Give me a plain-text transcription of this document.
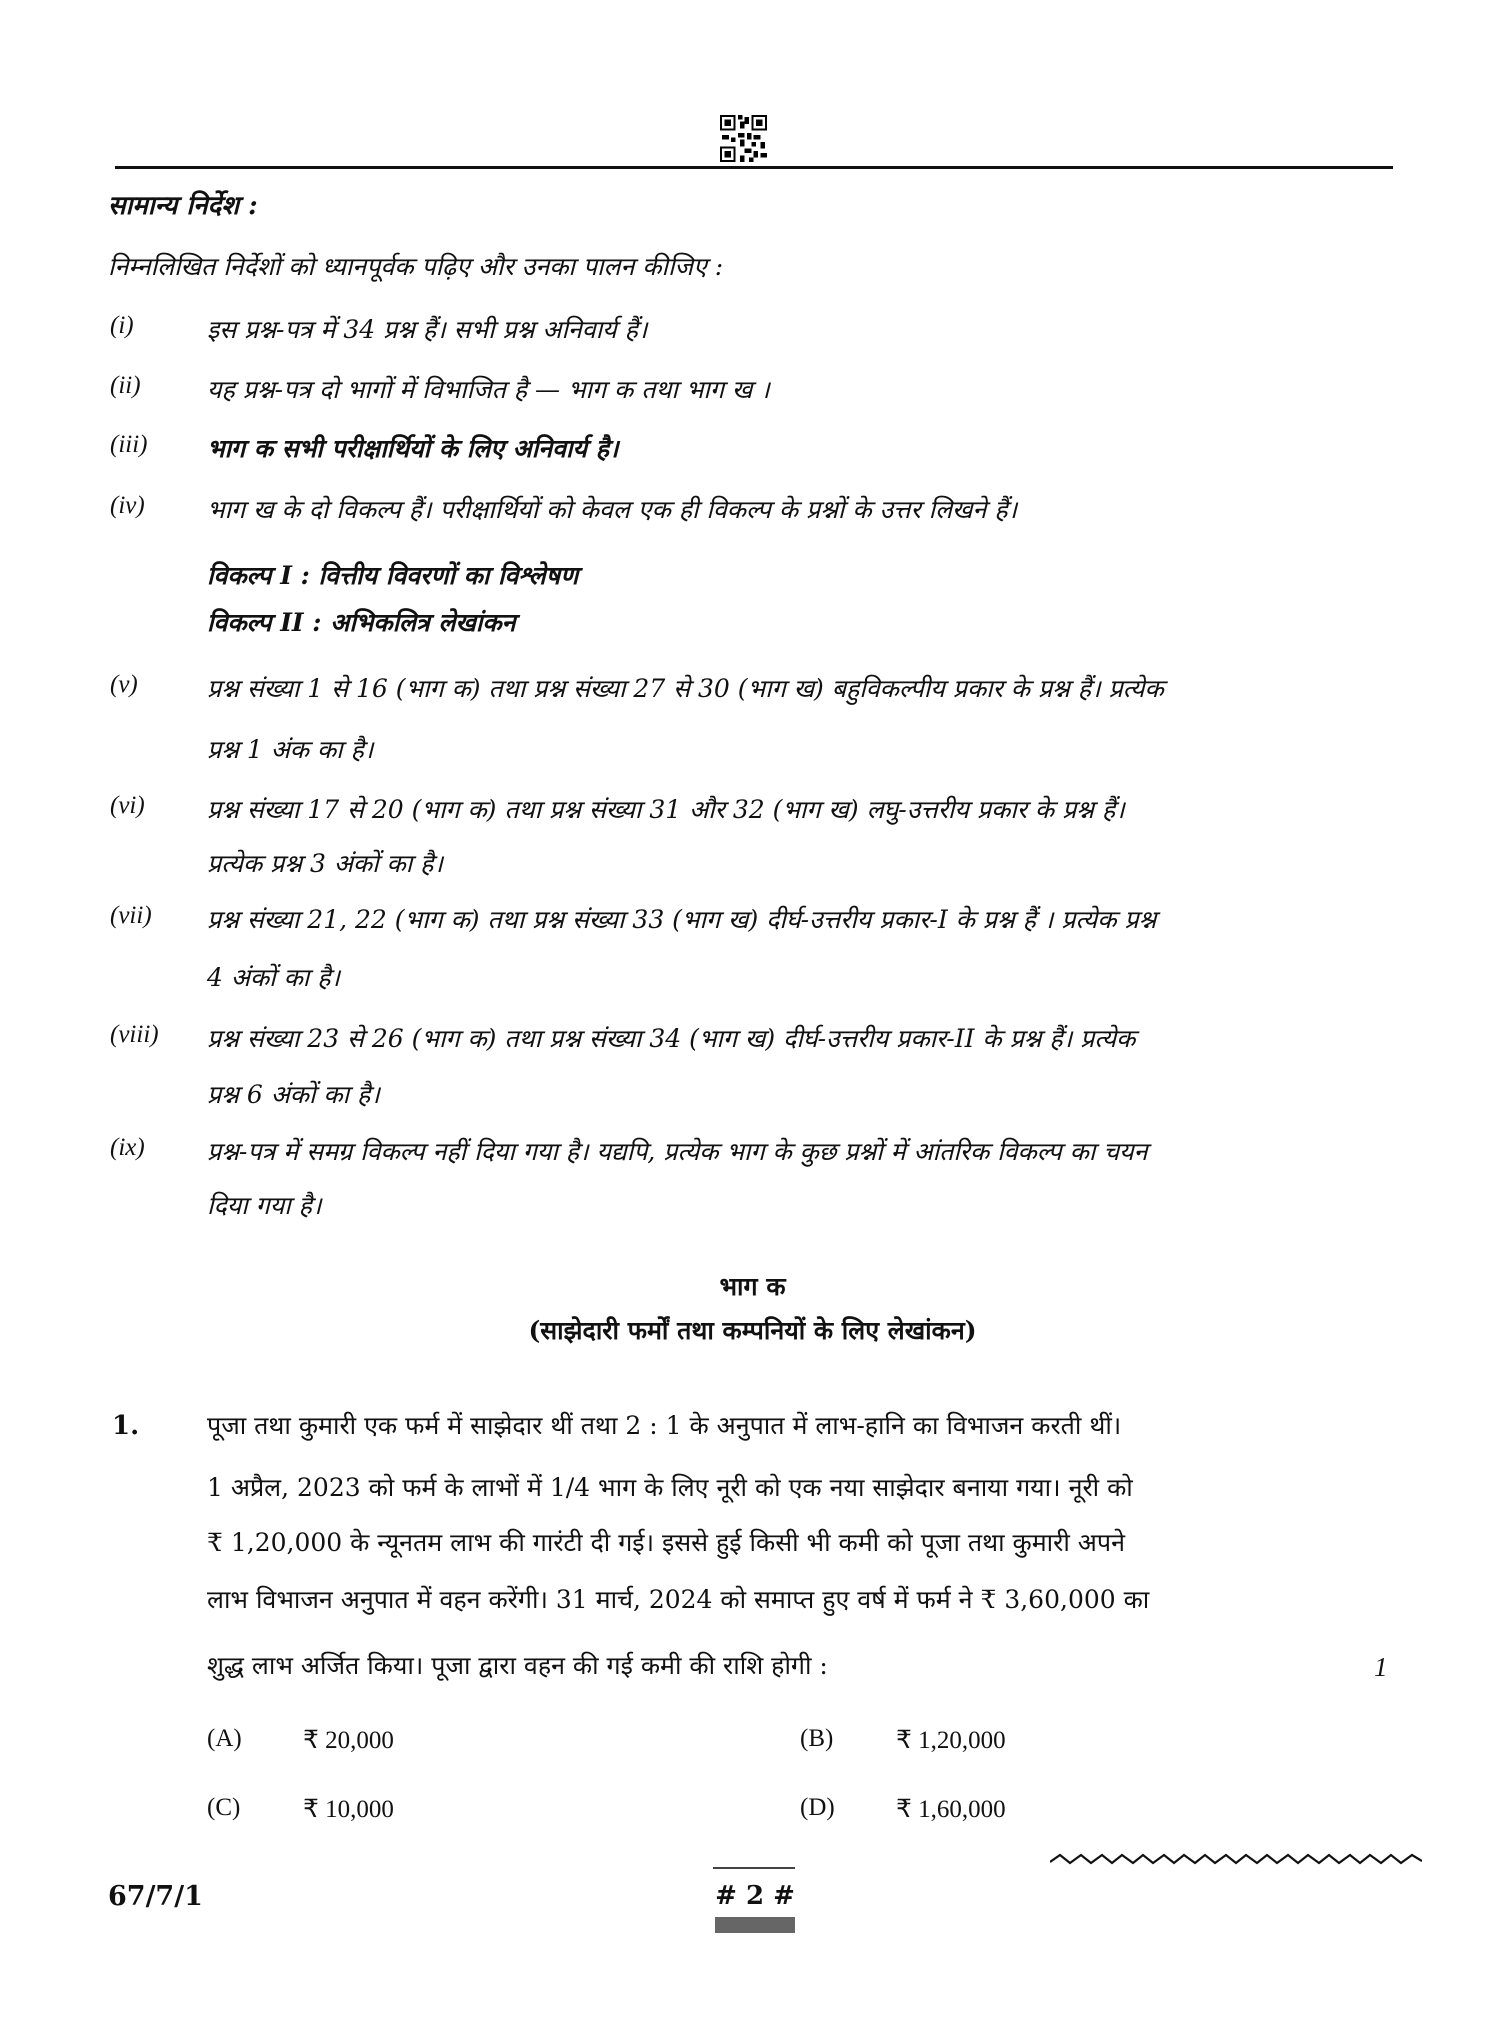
सामान्य निर्देश :
निम्नलिखित निर्देशों को ध्यानपूर्वक पढ़िए और उनका पालन कीजिए :
(i)	इस प्रश्न-पत्र में 34 प्रश्न हैं। सभी प्रश्न अनिवार्य हैं।
(ii)	यह प्रश्न-पत्र दो भागों में विभाजित है — भाग क तथा भाग ख ।
(iii) भाग क सभी परीक्षार्थियों के लिए अनिवार्य है।
(iv) भाग ख के दो विकल्प हैं। परीक्षार्थियों को केवल एक ही विकल्प के प्रश्नों के उत्तर लिखने हैं।
विकल्प I : वित्तीय विवरणों का विश्लेषण
विकल्प II : अभिकलित्र लेखांकन
(v)	प्रश्न संख्या 1 से 16 (भाग क) तथा प्रश्न संख्या 27 से 30 (भाग ख) बहुविकल्पीय प्रकार के प्रश्न हैं। प्रत्येक
प्रश्न 1 अंक का है।
(vi) प्रश्न संख्या 17 से 20 (भाग क) तथा प्रश्न संख्या 31 और 32 (भाग ख) लघु-उत्तरीय प्रकार के प्रश्न हैं।
प्रत्येक प्रश्न 3 अंकों का है।
(vii) प्रश्न संख्या 21, 22 (भाग क) तथा प्रश्न संख्या 33 (भाग ख) दीर्घ-उत्तरीय प्रकार-I के प्रश्न हैं । प्रत्येक प्रश्न
4 अंकों का है।
(viii) प्रश्न संख्या 23 से 26 (भाग क) तथा प्रश्न संख्या 34 (भाग ख) दीर्घ-उत्तरीय प्रकार-II के प्रश्न हैं। प्रत्येक
प्रश्न 6 अंकों का है।
(ix) प्रश्न-पत्र में समग्र विकल्प नहीं दिया गया है। यद्यपि, प्रत्येक भाग के कुछ प्रश्नों में आंतरिक विकल्प का चयन
दिया गया है।
भाग क
(साझेदारी फर्मों तथा कम्पनियों के लिए लेखांकन)
1.	पूजा तथा कुमारी एक फर्म में साझेदार थीं तथा 2 : 1 के अनुपात में लाभ-हानि का विभाजन करती थीं।
1 अप्रैल, 2023 को फर्म के लाभों में 1/4 भाग के लिए नूरी को एक नया साझेदार बनाया गया। नूरी को
₹ 1,20,000 के न्यूनतम लाभ की गारंटी दी गई। इससे हुई किसी भी कमी को पूजा तथा कुमारी अपने
लाभ विभाजन अनुपात में वहन करेंगी। 31 मार्च, 2024 को समाप्त हुए वर्ष में फर्म ने ₹ 3,60,000 का
शुद्ध लाभ अर्जित किया। पूजा द्वारा वहन की गई कमी की राशि होगी :	1
(A) ₹ 20,000	(B)	₹ 1,20,000
(C)	₹ 10,000	(D) ₹ 1,60,000
67/7/1	# 2 #
